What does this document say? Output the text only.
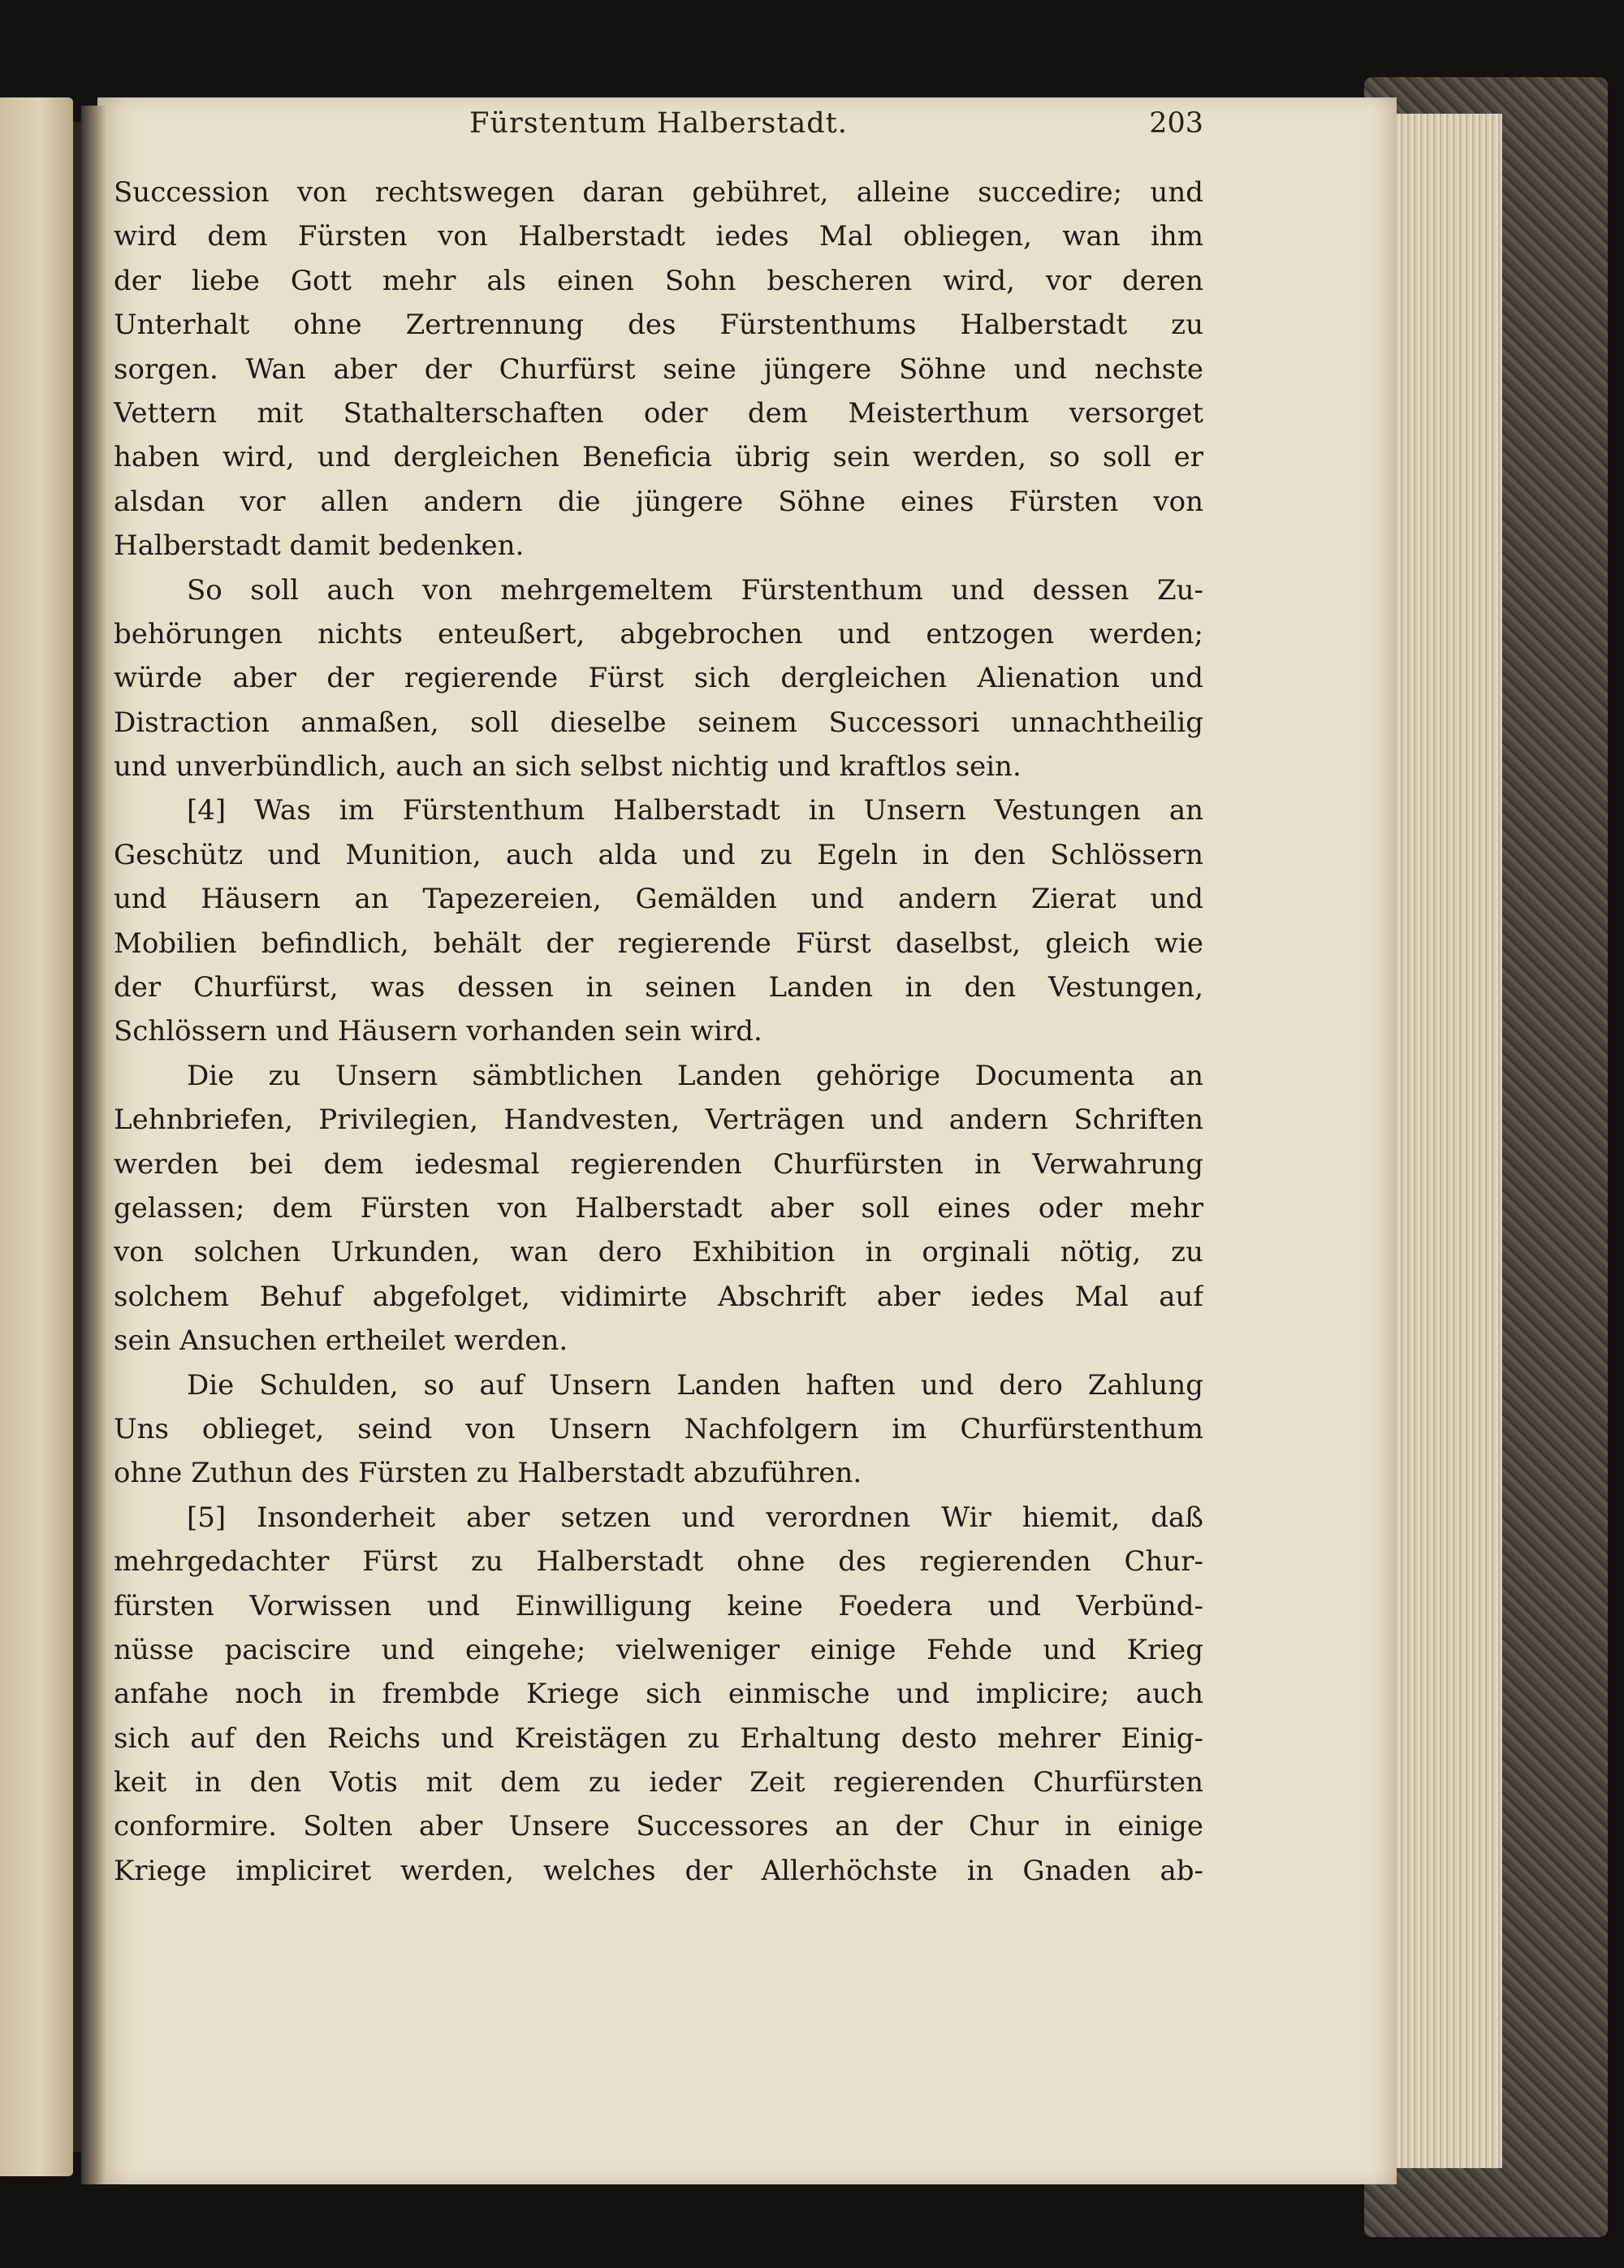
Fürstentum Halberstadt.	203
Succession von rechtswegen daran gebühret, alleine succedire; und
wird dem Fürsten von Halberstadt iedes Mal obliegen, wan ihm
der liebe Gott mehr als einen Sohn bescheren wird, vor deren
Unterhalt ohne Zertrennung des Fürstenthums Halberstadt zu
sorgen. Wan aber der Churfürst seine jüngere Söhne und nechste
Vettern mit Stathalterschaften oder dem Meisterthum versorget
haben wird, und dergleichen Beneficia übrig sein werden, so soll er
alsdan vor allen andern die jüngere Söhne eines Fürsten von
Halberstadt damit bedenken.
So soll auch von mehrgemeltem Fürstenthum und dessen Zu-
behörungen nichts enteußert, abgebrochen und entzogen werden;
würde aber der regierende Fürst sich dergleichen Alienation und
Distraction anmaßen, soll dieselbe seinem Successori unnachtheilig
und unverbündlich, auch an sich selbst nichtig und kraftlos sein.
[4] Was im Fürstenthum Halberstadt in Unsern Vestungen an
Geschütz und Munition, auch alda und zu Egeln in den Schlössern
und Häusern an Tapezereien, Gemälden und andern Zierat und
Mobilien befindlich, behält der regierende Fürst daselbst, gleich wie
der Churfürst, was dessen in seinen Landen in den Vestungen,
Schlössern und Häusern vorhanden sein wird.
Die zu Unsern sämbtlichen Landen gehörige Documenta an
Lehnbriefen, Privilegien, Handvesten, Verträgen und andern Schriften
werden bei dem iedesmal regierenden Churfürsten in Verwahrung
gelassen; dem Fürsten von Halberstadt aber soll eines oder mehr
von solchen Urkunden, wan dero Exhibition in orginali nötig, zu
solchem Behuf abgefolget, vidimirte Abschrift aber iedes Mal auf
sein Ansuchen ertheilet werden.
Die Schulden, so auf Unsern Landen haften und dero Zahlung
Uns oblieget, seind von Unsern Nachfolgern im Churfürstenthum
ohne Zuthun des Fürsten zu Halberstadt abzuführen.
[5] Insonderheit aber setzen und verordnen Wir hiemit, daß
mehrgedachter Fürst zu Halberstadt ohne des regierenden Chur-
fürsten Vorwissen und Einwilligung keine Foedera und Verbünd-
nüsse paciscire und eingehe; vielweniger einige Fehde und Krieg
anfahe noch in frembde Kriege sich einmische und implicire; auch
sich auf den Reichs und Kreistägen zu Erhaltung desto mehrer Einig-
keit in den Votis mit dem zu ieder Zeit regierenden Churfürsten
conformire. Solten aber Unsere Successores an der Chur in einige
Kriege impliciret werden, welches der Allerhöchste in Gnaden ab-
